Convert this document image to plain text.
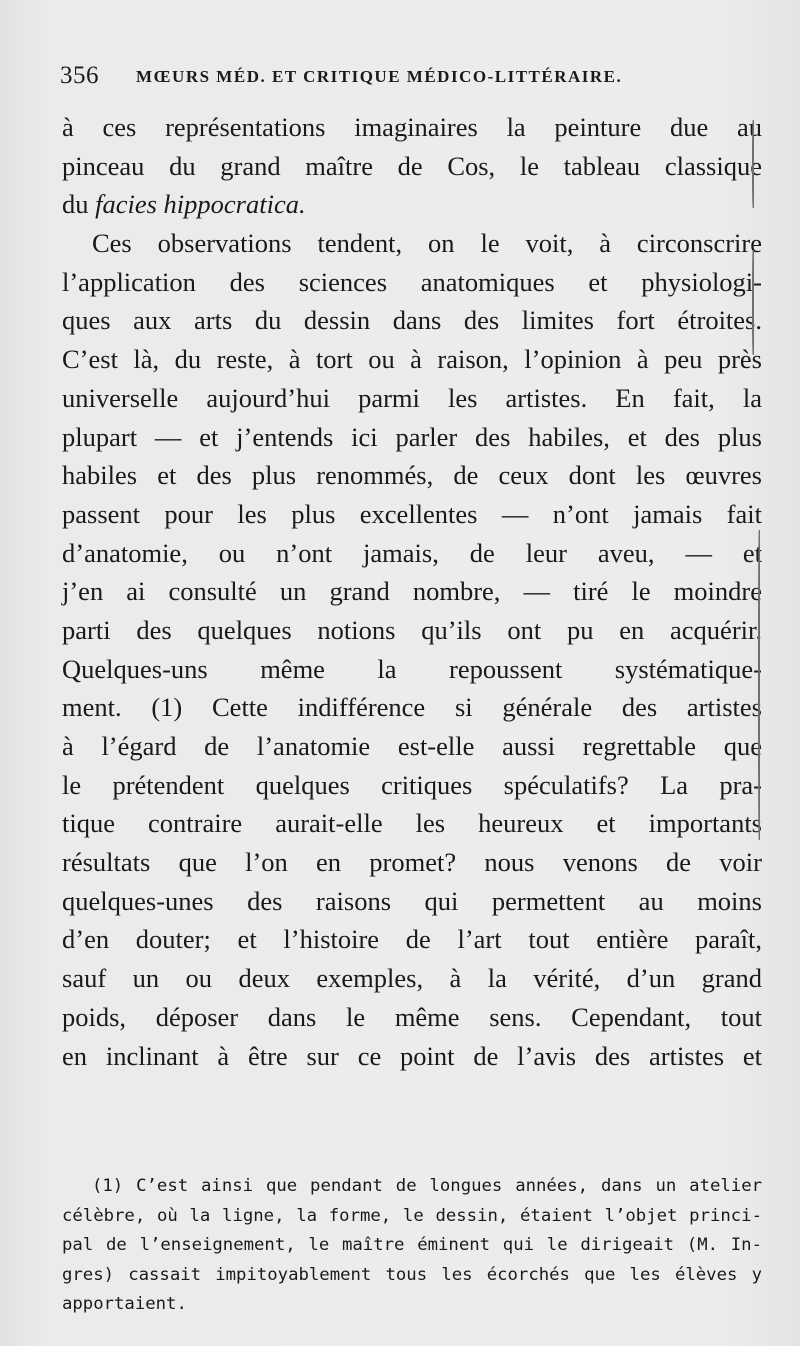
356 MŒURS MÉD. ET CRITIQUE MÉDICO-LITTÉRAIRE.
à ces représentations imaginaires la peinture due au
pinceau du grand maître de Cos, le tableau classique
du facies hippocratica.
Ces observations tendent, on le voit, à circonscrire
l’application des sciences anatomiques et physiologi-
ques aux arts du dessin dans des limites fort étroites.
C’est là, du reste, à tort ou à raison, l’opinion à peu près
universelle aujourd’hui parmi les artistes. En fait, la
plupart — et j’entends ici parler des habiles, et des plus
habiles et des plus renommés, de ceux dont les œuvres
passent pour les plus excellentes — n’ont jamais fait
d’anatomie, ou n’ont jamais, de leur aveu, — et
j’en ai consulté un grand nombre, — tiré le moindre
parti des quelques notions qu’ils ont pu en acquérir.
Quelques-uns même la repoussent systématique-
ment. (1) Cette indifférence si générale des artistes
à l’égard de l’anatomie est-elle aussi regrettable que
le prétendent quelques critiques spéculatifs? La pra-
tique contraire aurait-elle les heureux et importants
résultats que l’on en promet? nous venons de voir
quelques-unes des raisons qui permettent au moins
d’en douter; et l’histoire de l’art tout entière paraît,
sauf un ou deux exemples, à la vérité, d’un grand
poids, déposer dans le même sens. Cependant, tout
en inclinant à être sur ce point de l’avis des artistes et
(1) C’est ainsi que pendant de longues années, dans un atelier
célèbre, où la ligne, la forme, le dessin, étaient l’objet princi-
pal de l’enseignement, le maître éminent qui le dirigeait (M. In-
gres) cassait impitoyablement tous les écorchés que les élèves y
apportaient.
